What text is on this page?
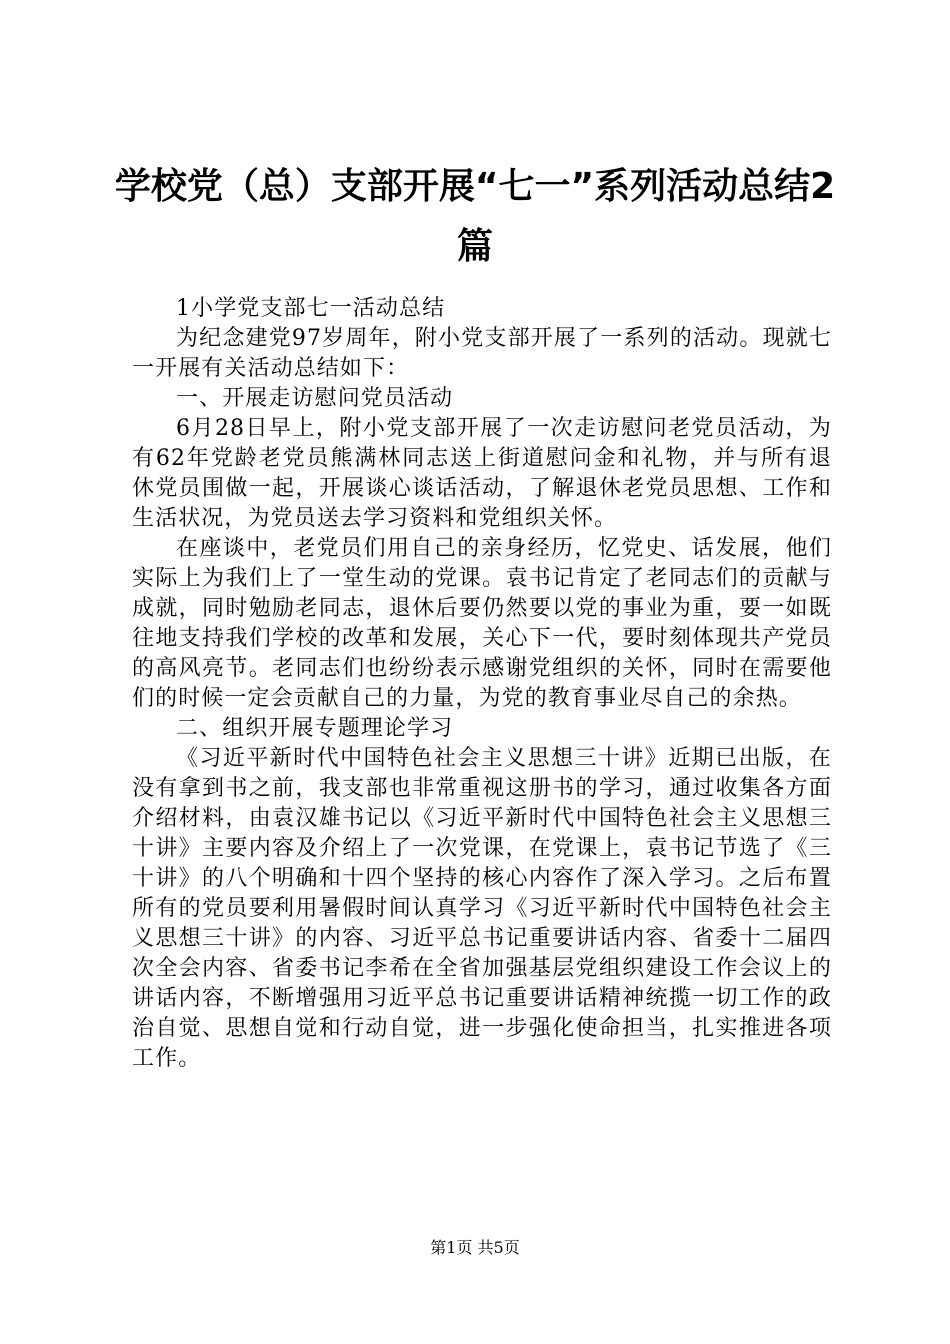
学校党（总）支部开展“七一”系列活动总结2篇

1小学党支部七一活动总结

为纪念建党97岁周年，附小党支部开展了一系列的活动。现就七一开展有关活动总结如下：

一、开展走访慰问党员活动

6月28日早上，附小党支部开展了一次走访慰问老党员活动，为有62年党龄老党员熊满林同志送上街道慰问金和礼物，并与所有退休党员围做一起，开展谈心谈话活动，了解退休老党员思想、工作和生活状况，为党员送去学习资料和党组织关怀。

在座谈中，老党员们用自己的亲身经历，忆党史、话发展，他们实际上为我们上了一堂生动的党课。袁书记肯定了老同志们的贡献与成就，同时勉励老同志，退休后要仍然要以党的事业为重，要一如既往地支持我们学校的改革和发展，关心下一代，要时刻体现共产党员的高风亮节。老同志们也纷纷表示感谢党组织的关怀，同时在需要他们的时候一定会贡献自己的力量，为党的教育事业尽自己的余热。

二、组织开展专题理论学习

《习近平新时代中国特色社会主义思想三十讲》近期已出版，在没有拿到书之前，我支部也非常重视这册书的学习，通过收集各方面介绍材料，由袁汉雄书记以《习近平新时代中国特色社会主义思想三十讲》主要内容及介绍上了一次党课，在党课上，袁书记节选了《三十讲》的八个明确和十四个坚持的核心内容作了深入学习。之后布置所有的党员要利用暑假时间认真学习《习近平新时代中国特色社会主义思想三十讲》的内容、习近平总书记重要讲话内容、省委十二届四次全会内容、省委书记李希在全省加强基层党组织建设工作会议上的讲话内容，不断增强用习近平总书记重要讲话精神统揽一切工作的政治自觉、思想自觉和行动自觉，进一步强化使命担当，扎实推进各项工作。

第1页 共5页
